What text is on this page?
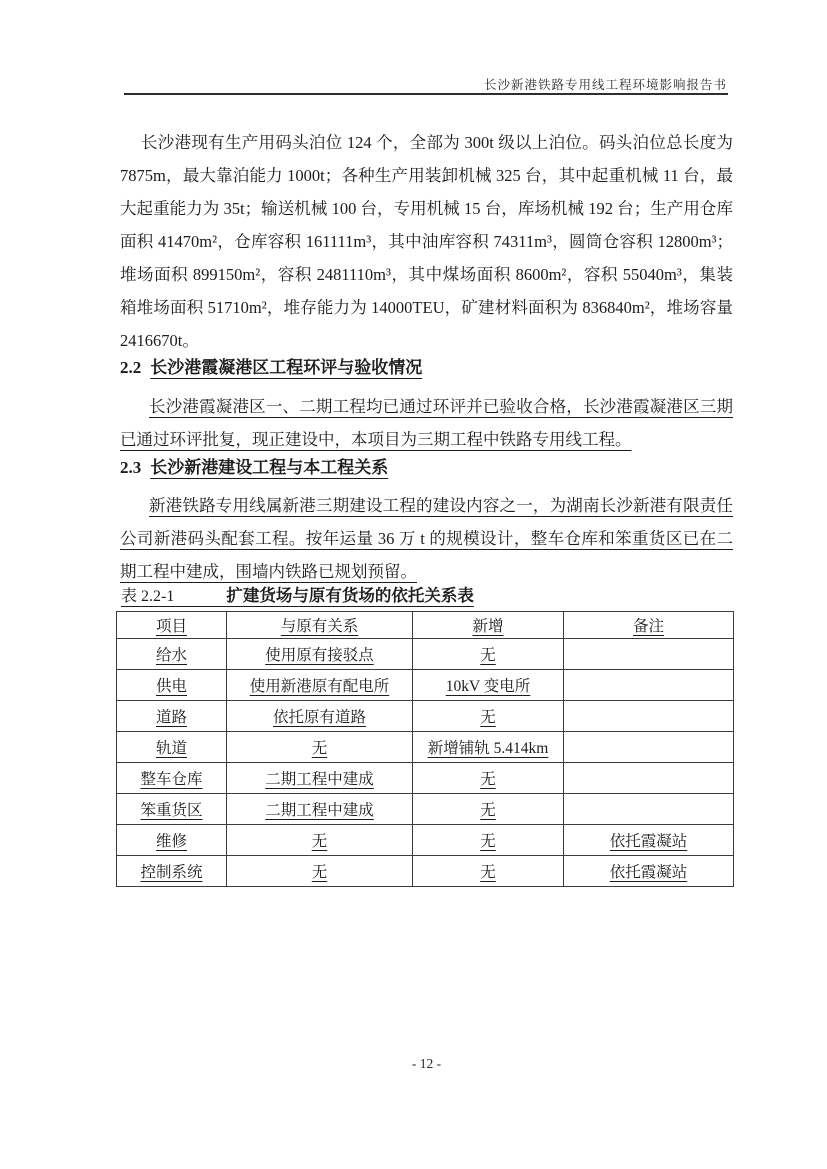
长沙新港铁路专用线工程环境影响报告书

长沙港现有生产用码头泊位 124 个，全部为 300t 级以上泊位。码头泊位总长度为 7875m，最大靠泊能力 1000t；各种生产用装卸机械 325 台，其中起重机械 11 台，最大起重能力为 35t；输送机械 100 台，专用机械 15 台，库场机械 192 台；生产用仓库面积 41470m²，仓库容积 161111m³，其中油库容积 74311m³，圆筒仓容积 12800m³；堆场面积 899150m²，容积 2481110m³，其中煤场面积 8600m²，容积 55040m³，集装箱堆场面积 51710m²，堆存能力为 14000TEU，矿建材料面积为 836840m²，堆场容量 2416670t。

2.2 长沙港霞凝港区工程环评与验收情况

长沙港霞凝港区一、二期工程均已通过环评并已验收合格，长沙港霞凝港区三期已通过环评批复，现正建设中，本项目为三期工程中铁路专用线工程。

2.3 长沙新港建设工程与本工程关系

新港铁路专用线属新港三期建设工程的建设内容之一，为湖南长沙新港有限责任公司新港码头配套工程。按年运量 36 万 t 的规模设计，整车仓库和笨重货区已在二期工程中建成，围墙内铁路已规划预留。

表 2.2-1	扩建货场与原有货场的依托关系表

项目	与原有关系	新增	备注
给水	使用原有接驳点	无	
供电	使用新港原有配电所	10kV 变电所	
道路	依托原有道路	无	
轨道	无	新增铺轨 5.414km	
整车仓库	二期工程中建成	无	
笨重货区	二期工程中建成	无	
维修	无	无	依托霞凝站
控制系统	无	无	依托霞凝站
- 12 -
